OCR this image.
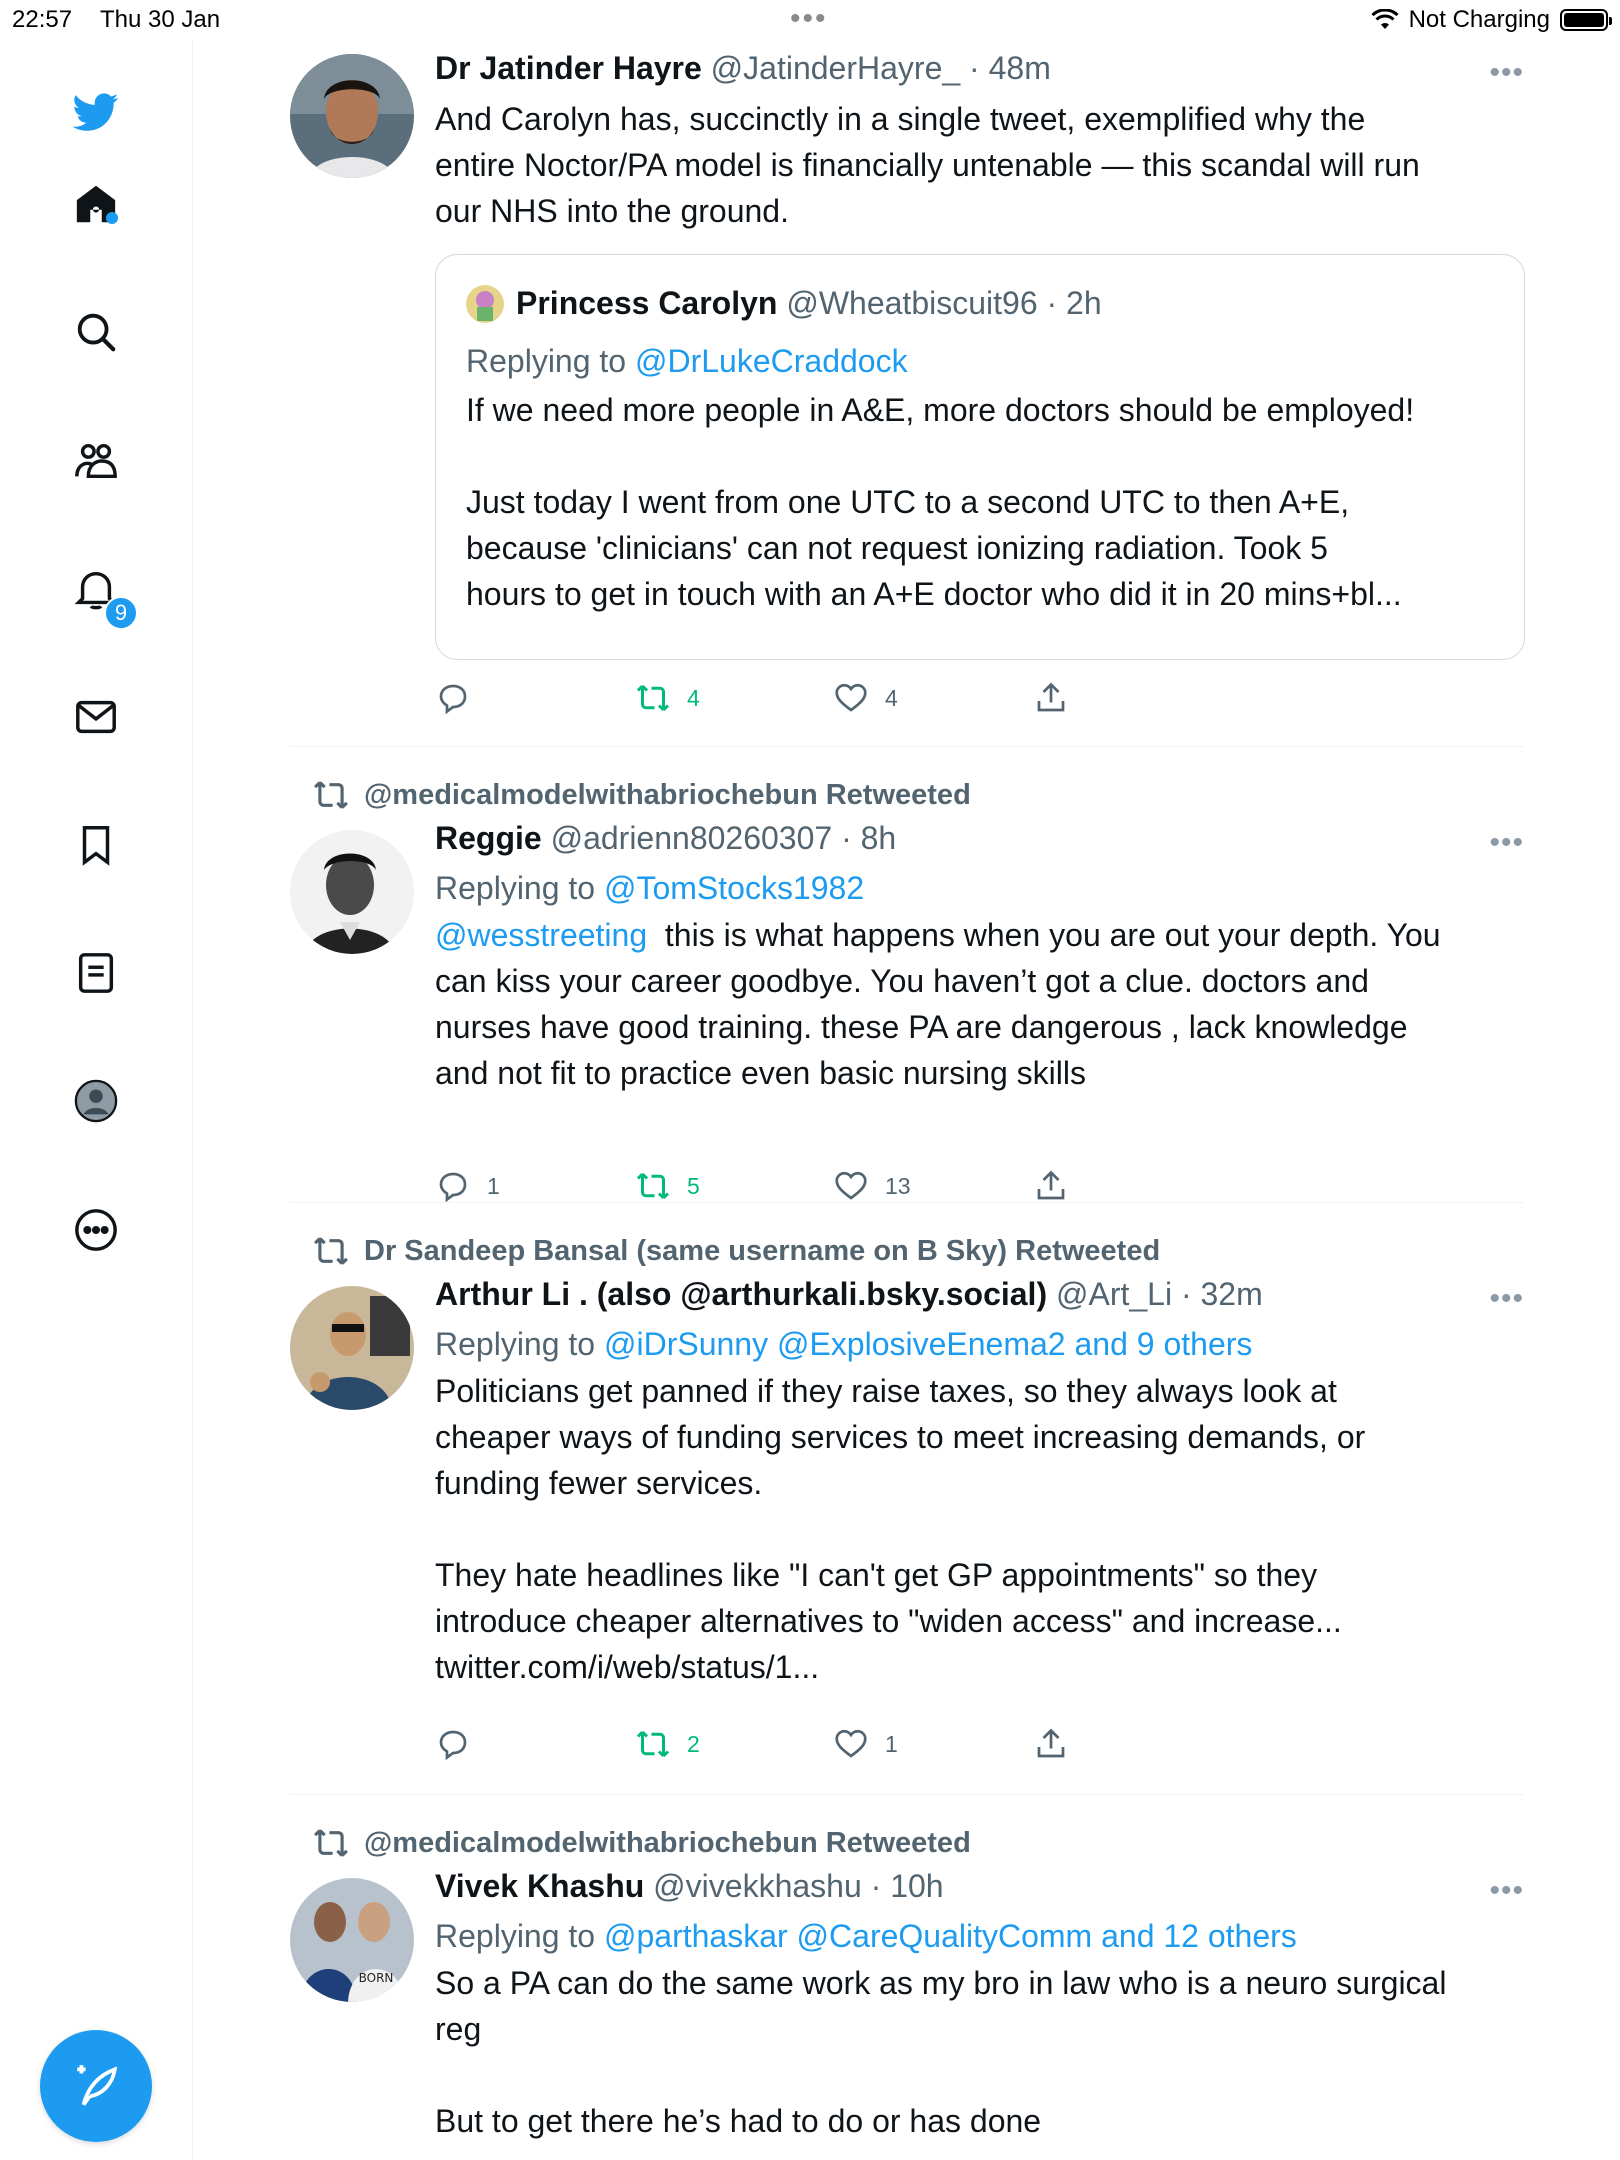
22:57 Thu 30 Jan	•••	Not Charging
9
Dr Jatinder Hayre @JatinderHayre_ · 48m	•••
And Carolyn has, succinctly in a single tweet, exemplified why the
entire Noctor/PA model is financially untenable — this scandal will run
our NHS into the ground.
Princess Carolyn @Wheatbiscuit96 · 2h
Replying to @DrLukeCraddock
If we need more people in A&E, more doctors should be employed!

Just today I went from one UTC to a second UTC to then A+E,
because 'clinicians' can not request ionizing radiation. Took 5
hours to get in touch with an A+E doctor who did it in 20 mins+bl...
4	4
@medicalmodelwithabriochebun Retweeted
Reggie @adrienn80260307 · 8h	•••
Replying to @TomStocks1982
@wesstreeting  this is what happens when you are out your depth. You
can kiss your career goodbye. You haven’t got a clue. doctors and
nurses have good training. these PA are dangerous , lack knowledge
and not fit to practice even basic nursing skills
1	5	13
Dr Sandeep Bansal (same username on B Sky) Retweeted
Arthur Li . (also @arthurkali.bsky.social) @Art_Li · 32m	•••
Replying to @iDrSunny @ExplosiveEnema2 and 9 others
Politicians get panned if they raise taxes, so they always look at
cheaper ways of funding services to meet increasing demands, or
funding fewer services.

They hate headlines like "I can't get GP appointments" so they
introduce cheaper alternatives to "widen access" and increase...
twitter.com/i/web/status/1...
2	1
@medicalmodelwithabriochebun Retweeted
BORN
Vivek Khashu @vivekkhashu · 10h	•••
Replying to @parthaskar @CareQualityComm and 12 others
So a PA can do the same work as my bro in law who is a neuro surgical
reg

But to get there he’s had to do or has done
